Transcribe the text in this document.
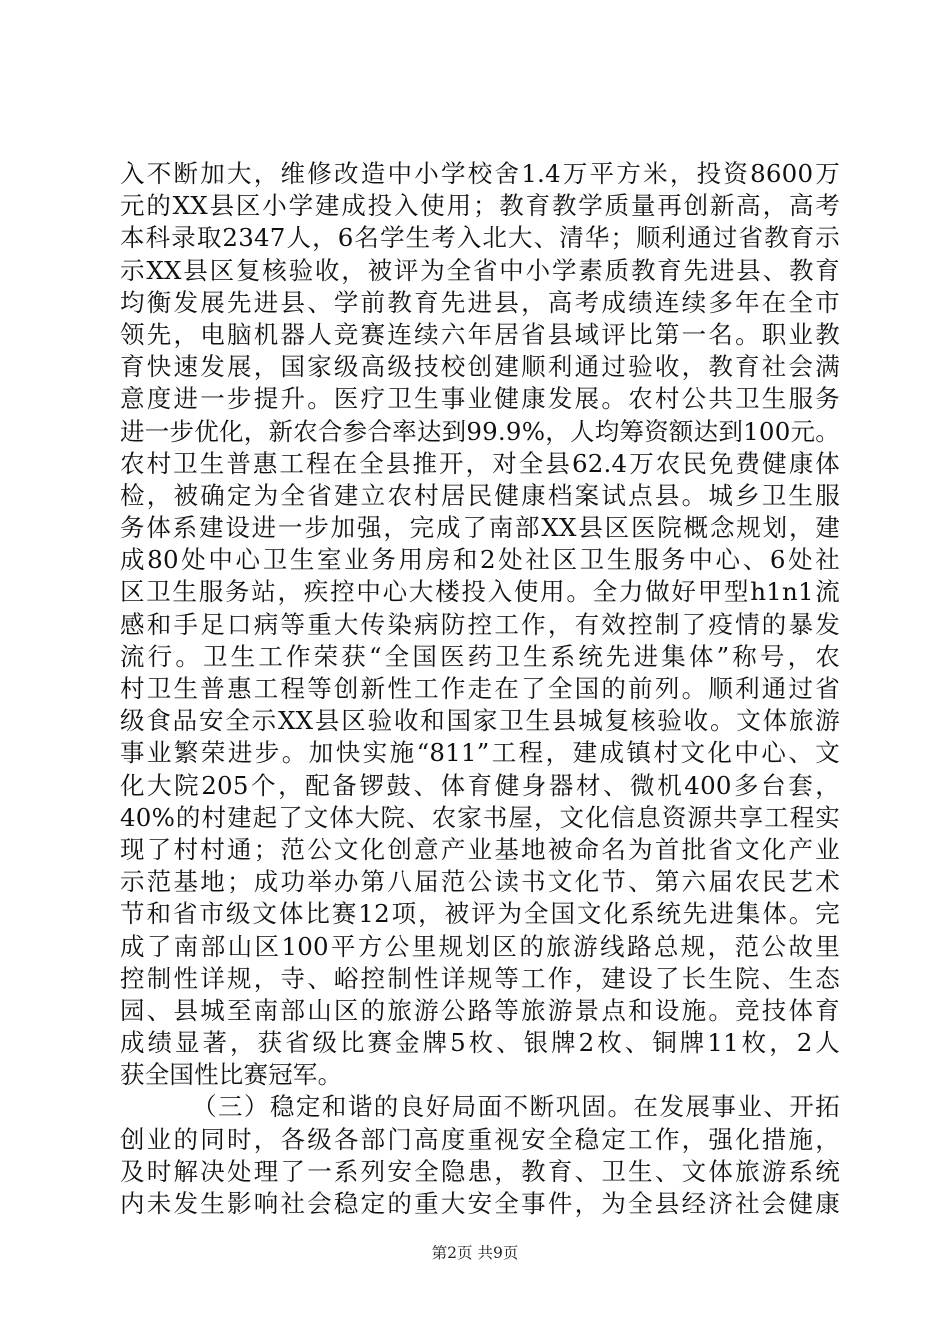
入不断加大，维修改造中小学校舍1.4万平方米，投资8600万
元的XX县区小学建成投入使用；教育教学质量再创新高，高考
本科录取2347人，6名学生考入北大、清华；顺利通过省教育示
示XX县区复核验收，被评为全省中小学素质教育先进县、教育
均衡发展先进县、学前教育先进县，高考成绩连续多年在全市
领先，电脑机器人竞赛连续六年居省县域评比第一名。职业教
育快速发展，国家级高级技校创建顺利通过验收，教育社会满
意度进一步提升。医疗卫生事业健康发展。农村公共卫生服务
进一步优化，新农合参合率达到99.9%，人均筹资额达到100元。
农村卫生普惠工程在全县推开，对全县62.4万农民免费健康体
检，被确定为全省建立农村居民健康档案试点县。城乡卫生服
务体系建设进一步加强，完成了南部XX县区医院概念规划，建
成80处中心卫生室业务用房和2处社区卫生服务中心、6处社
区卫生服务站，疾控中心大楼投入使用。全力做好甲型h1n1流
感和手足口病等重大传染病防控工作，有效控制了疫情的暴发
流行。卫生工作荣获“全国医药卫生系统先进集体”称号，农
村卫生普惠工程等创新性工作走在了全国的前列。顺利通过省
级食品安全示XX县区验收和国家卫生县城复核验收。文体旅游
事业繁荣进步。加快实施“811”工程，建成镇村文化中心、文
化大院205个，配备锣鼓、体育健身器材、微机400多台套，
40%的村建起了文体大院、农家书屋，文化信息资源共享工程实
现了村村通；范公文化创意产业基地被命名为首批省文化产业
示范基地；成功举办第八届范公读书文化节、第六届农民艺术
节和省市级文体比赛12项，被评为全国文化系统先进集体。完
成了南部山区100平方公里规划区的旅游线路总规，范公故里
控制性详规，寺、峪控制性详规等工作，建设了长生院、生态
园、县城至南部山区的旅游公路等旅游景点和设施。竞技体育
成绩显著，获省级比赛金牌5枚、银牌2枚、铜牌11枚，2人
获全国性比赛冠军。
（三）稳定和谐的良好局面不断巩固。在发展事业、开拓
创业的同时，各级各部门高度重视安全稳定工作，强化措施，
及时解决处理了一系列安全隐患，教育、卫生、文体旅游系统
内未发生影响社会稳定的重大安全事件，为全县经济社会健康
第2页 共9页
